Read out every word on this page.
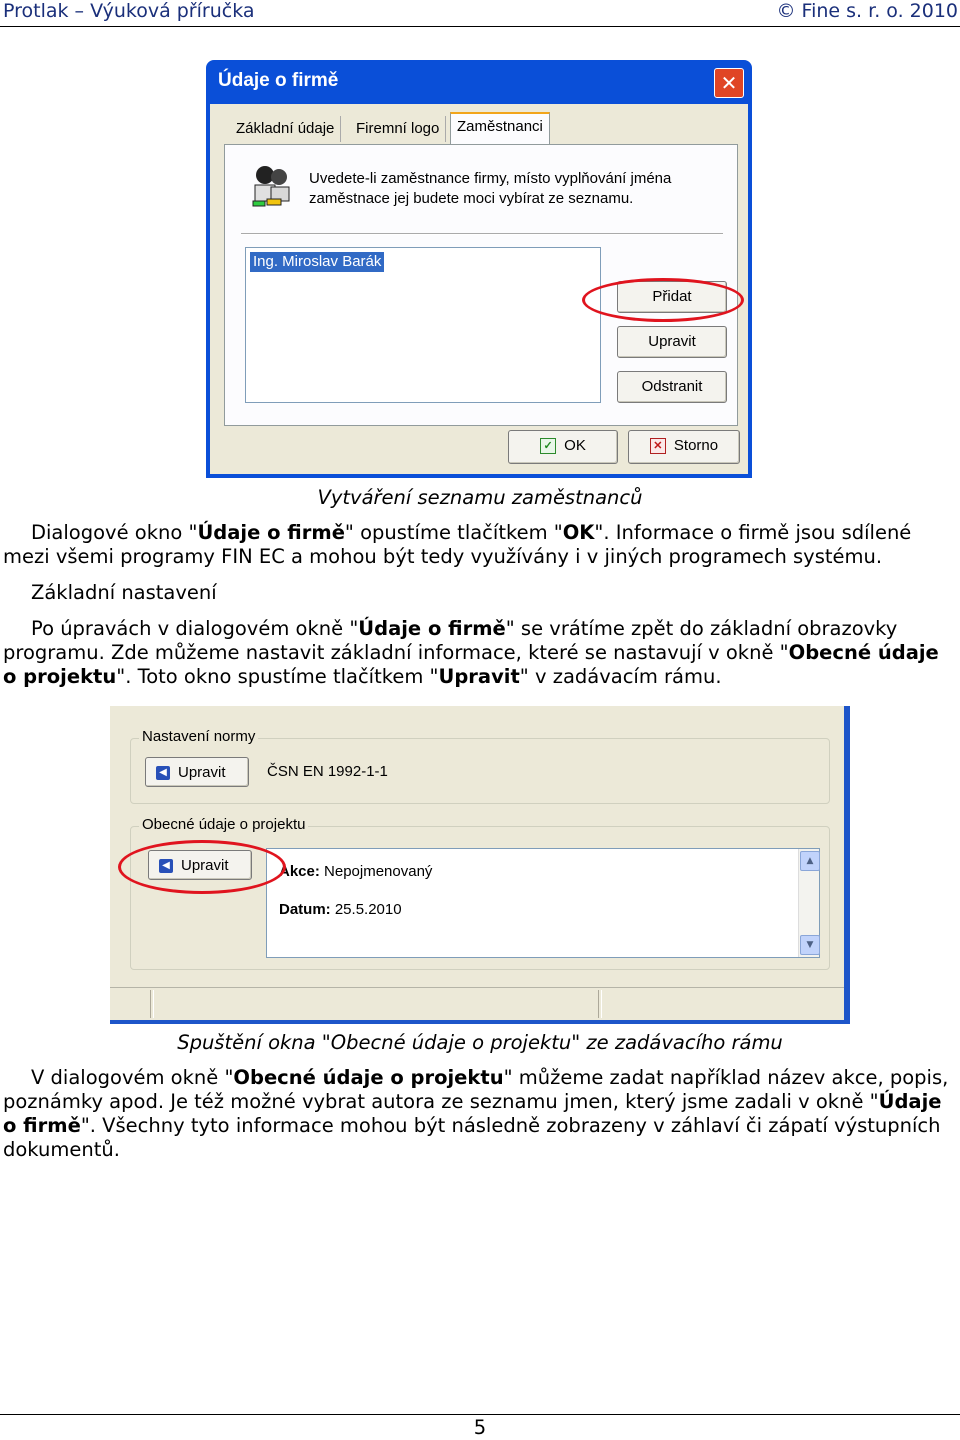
Protlak – Výuková příručka	© Fine s. r. o. 2010
Údaje o firmě	✕
Základní údaje	Firemní logo	Zaměstnanci
Uvedete-li zaměstnance firmy, místo vyplňování jména
zaměstnace jej budete moci vybírat ze seznamu.
Ing. Miroslav Barák
Přidat
Upravit
Odstranit
✓ OK	✕ Storno
Vytváření seznamu zaměstnanců

Dialogové okno "Údaje o firmě" opustíme tlačítkem "OK". Informace o firmě jsou sdílené mezi všemi programy FIN EC a mohou být tedy využívány i v jiných programech systému.

Základní nastavení

Po úpravách v dialogovém okně "Údaje o firmě" se vrátíme zpět do základní obrazovky programu. Zde můžeme nastavit základní informace, které se nastavují v okně "Obecné údaje o projektu". Toto okno spustíme tlačítkem "Upravit" v zadávacím rámu.

Nastavení normy
◀ Upravit	ČSN EN 1992-1-1
Obecné údaje o projektu
◀ Upravit	Akce: Nepojmenovaný
Datum: 25.5.2010
▲
▼
Spuštění okna "Obecné údaje o projektu" ze zadávacího rámu

V dialogovém okně "Obecné údaje o projektu" můžeme zadat například název akce, popis, poznámky apod. Je též možné vybrat autora ze seznamu jmen, který jsme zadali v okně "Údaje o firmě". Všechny tyto informace mohou být následně zobrazeny v záhlaví či zápatí výstupních dokumentů.

5
